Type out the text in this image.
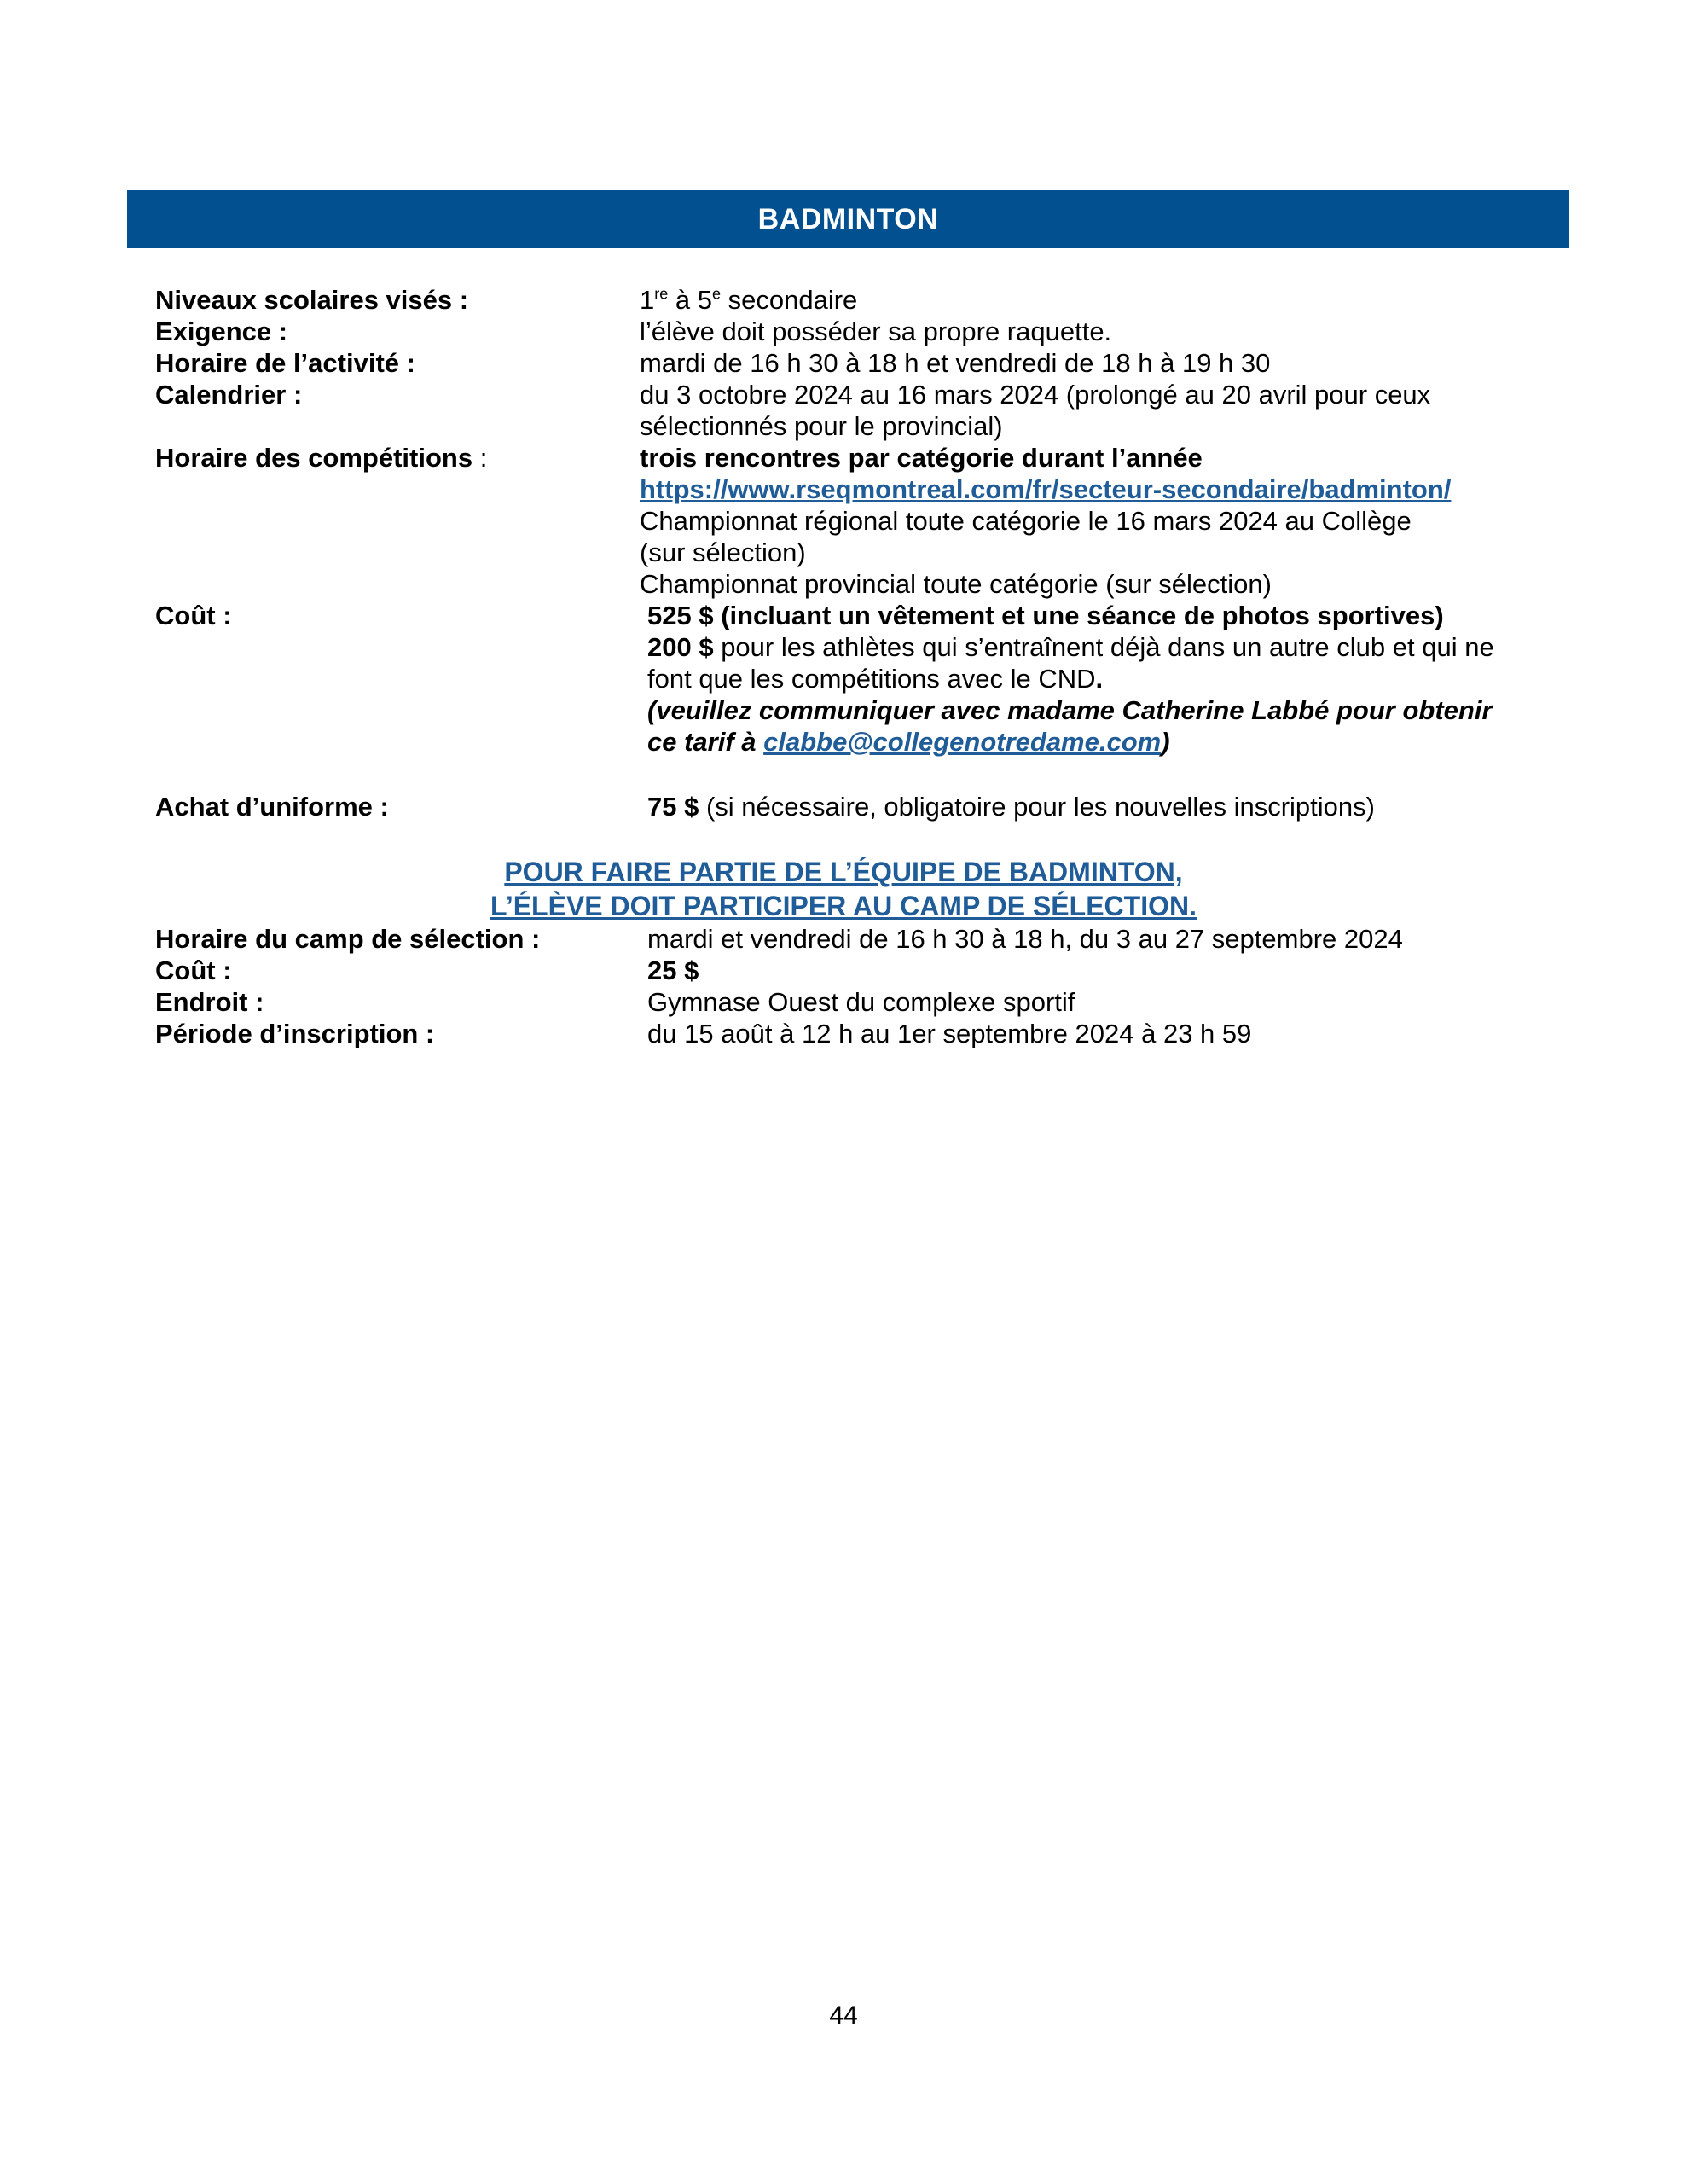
BADMINTON
Niveaux scolaires visés :	1re à 5e secondaire
Exigence :	l’élève doit posséder sa propre raquette.
Horaire de l’activité :	mardi de 16 h 30 à 18 h et vendredi de 18 h à 19 h 30
Calendrier :	du 3 octobre 2024 au 16 mars 2024 (prolongé au 20 avril pour ceux
sélectionnés pour le provincial)
Horaire des compétitions :	trois rencontres par catégorie durant l’année
https://www.rseqmontreal.com/fr/secteur-secondaire/badminton/
Championnat régional toute catégorie le 16 mars 2024 au Collège
(sur sélection)
Championnat provincial toute catégorie (sur sélection)
Coût :	525 $ (incluant un vêtement et une séance de photos sportives)
200 $ pour les athlètes qui s’entraînent déjà dans un autre club et qui ne
font que les compétitions avec le CND.
(veuillez communiquer avec madame Catherine Labbé pour obtenir
ce tarif à clabbe@collegenotredame.com)
Achat d’uniforme :	75 $ (si nécessaire, obligatoire pour les nouvelles inscriptions)
POUR FAIRE PARTIE DE L’ÉQUIPE DE BADMINTON,
L’ÉLÈVE DOIT PARTICIPER AU CAMP DE SÉLECTION.
Horaire du camp de sélection :	mardi et vendredi de 16 h 30 à 18 h, du 3 au 27 septembre 2024
Coût :	25 $
Endroit :	Gymnase Ouest du complexe sportif
Période d’inscription :	du 15 août à 12 h au 1er septembre 2024 à 23 h 59
44
